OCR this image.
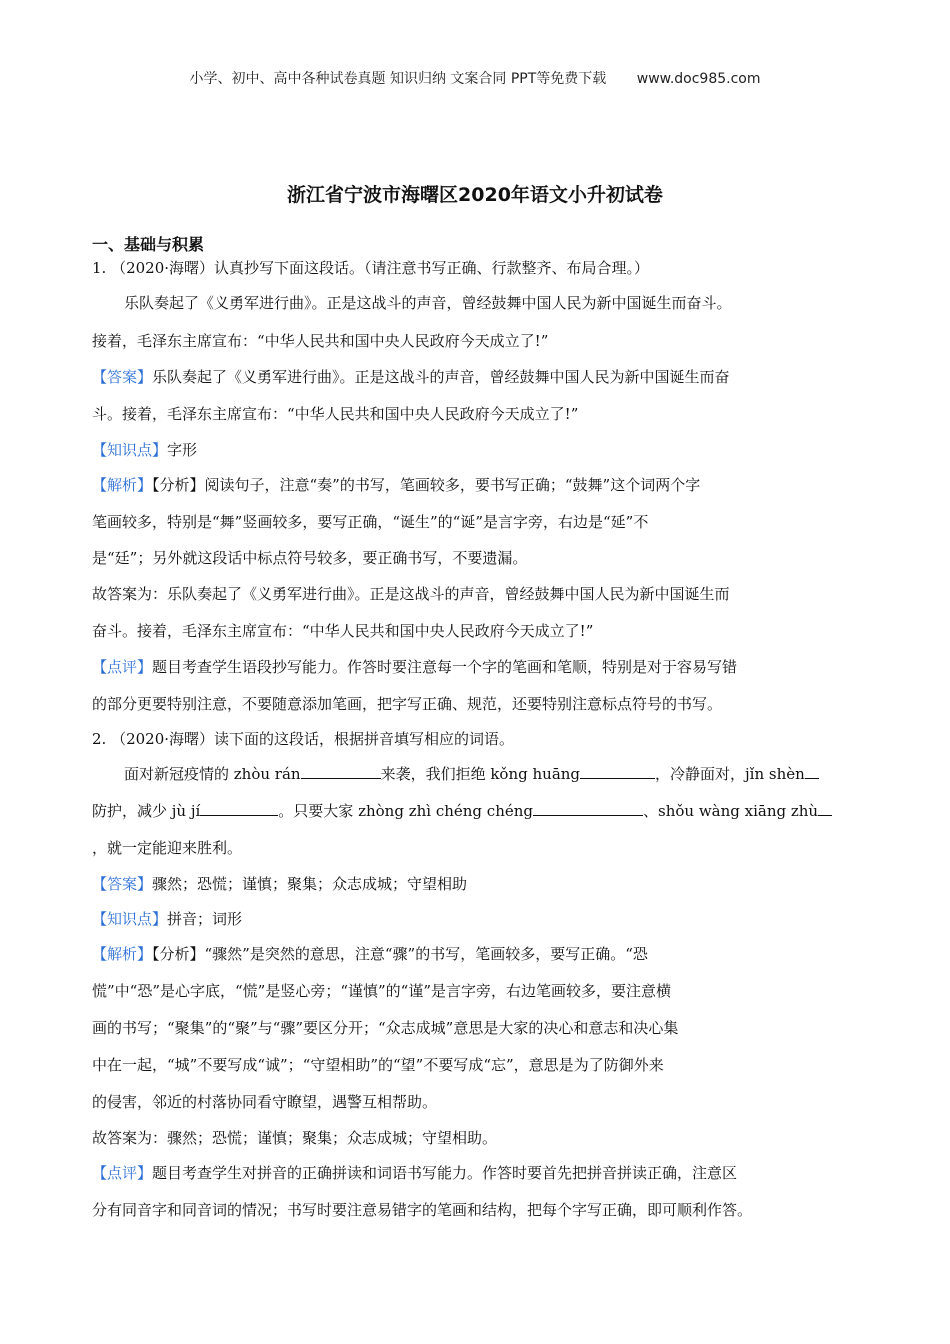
小学、初中、高中各种试卷真题 知识归纳 文案合同 PPT等免费下载 www.doc985.com
浙江省宁波市海曙区2020年语文小升初试卷
一、基础与积累
1. （2020·海曙）认真抄写下面这段话。（请注意书写正确、行款整齐、布局合理。）
乐队奏起了《义勇军进行曲》。正是这战斗的声音，曾经鼓舞中国人民为新中国诞生而奋斗。
接着，毛泽东主席宣布：“中华人民共和国中央人民政府今天成立了!”
【答案】乐队奏起了《义勇军进行曲》。正是这战斗的声音，曾经鼓舞中国人民为新中国诞生而奋
斗。接着，毛泽东主席宣布：“中华人民共和国中央人民政府今天成立了!”
【知识点】字形
【解析】【分析】阅读句子，注意“奏”的书写，笔画较多，要书写正确；“鼓舞”这个词两个字
笔画较多，特别是“舞”竖画较多，要写正确，“诞生”的“诞”是言字旁，右边是“延”不
是“廷”；另外就这段话中标点符号较多，要正确书写，不要遗漏。
故答案为：乐队奏起了《义勇军进行曲》。正是这战斗的声音，曾经鼓舞中国人民为新中国诞生而
奋斗。接着，毛泽东主席宣布：“中华人民共和国中央人民政府今天成立了!”
【点评】题目考查学生语段抄写能力。作答时要注意每一个字的笔画和笔顺，特别是对于容易写错
的部分更要特别注意，不要随意添加笔画，把字写正确、规范，还要特别注意标点符号的书写。
2. （2020·海曙）读下面的这段话，根据拼音填写相应的词语。
面对新冠疫情的 zhòu rán	来袭，我们拒绝 kǒng huāng	，冷静面对，jǐn shèn
防护，减少 jù jí	。只要大家 zhòng zhì chéng chéng	、shǒu wàng xiāng zhù
，就一定能迎来胜利。
【答案】骤然；恐慌；谨慎；聚集；众志成城；守望相助
【知识点】拼音；词形
【解析】【分析】“骤然”是突然的意思，注意“骤”的书写，笔画较多，要写正确。“恐
慌”中“恐”是心字底，“慌”是竖心旁；“谨慎”的“谨”是言字旁，右边笔画较多，要注意横
画的书写；“聚集”的“聚”与“骤”要区分开；“众志成城”意思是大家的决心和意志和决心集
中在一起，“城”不要写成“诚”；“守望相助”的“望”不要写成“忘”，意思是为了防御外来
的侵害，邻近的村落协同看守瞭望，遇警互相帮助。
故答案为：骤然；恐慌；谨慎；聚集；众志成城；守望相助。
【点评】题目考查学生对拼音的正确拼读和词语书写能力。作答时要首先把拼音拼读正确，注意区
分有同音字和同音词的情况；书写时要注意易错字的笔画和结构，把每个字写正确，即可顺利作答。
